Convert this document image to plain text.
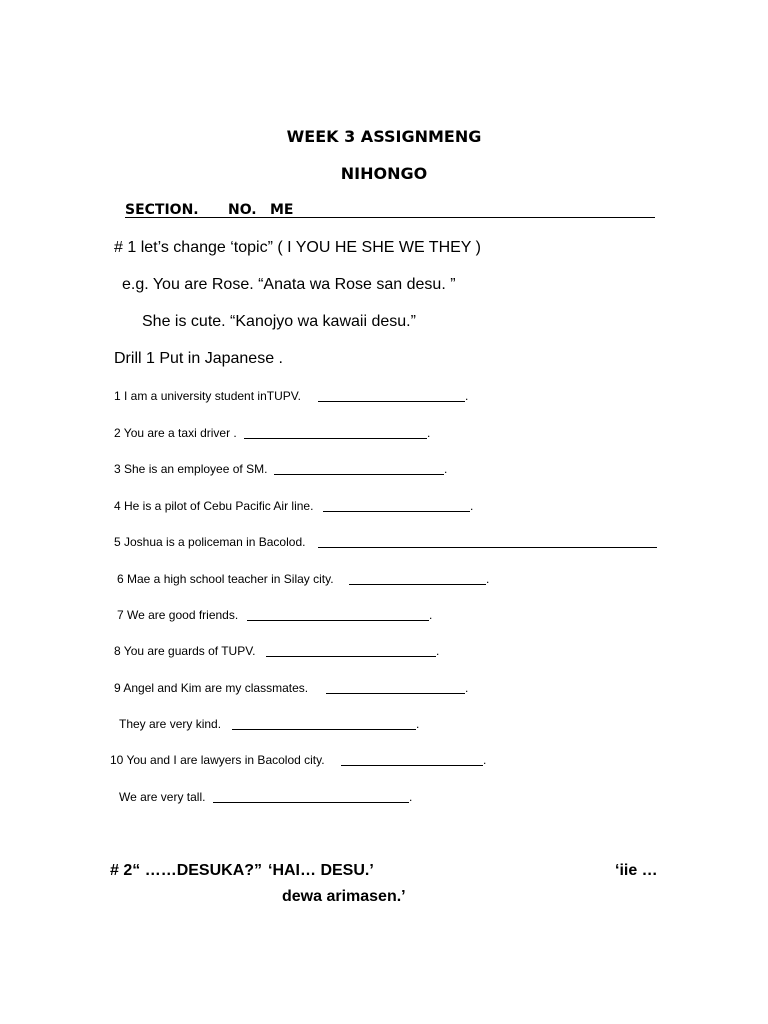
WEEK 3 ASSIGNMENG
NIHONGO
SECTION. NO. ME
# 1 let’s change ‘topic” ( I YOU HE SHE WE THEY )
e.g. You are Rose. “Anata wa Rose san desu. ”
She is cute. “Kanojyo wa kawaii desu.”
Drill 1 Put in Japanese .
1 I am a university student inTUPV.	.
2 You are a taxi driver .	.
3 She is an employee of SM.	.
4 He is a pilot of Cebu Pacific Air line.	.
5 Joshua is a policeman in Bacolod.
6 Mae a high school teacher in Silay city.	.
7 We are good friends.	.
8 You are guards of TUPV.	.
9 Angel and Kim are my classmates.	.
They are very kind.	.
10 You and I are lawyers in Bacolod city.	.
We are very tall.	.
# 2“ ……DESUKA?” ‘HAI… DESU.’	‘iie …
dewa arimasen.’
